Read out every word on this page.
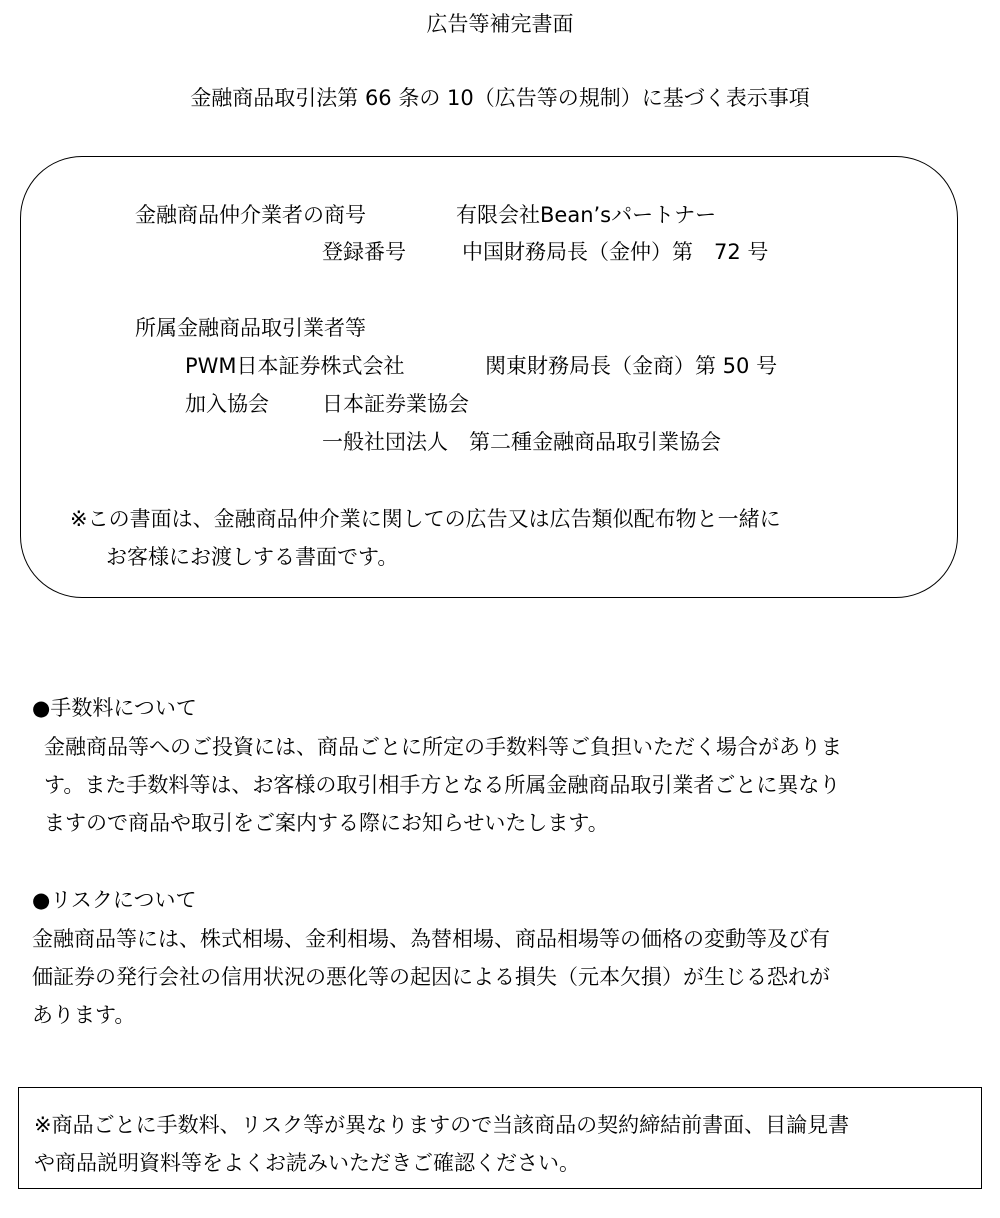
広告等補完書面
金融商品取引法第 66 条の 10（広告等の規制）に基づく表示事項
金融商品仲介業者の商号	有限会社Bean’sパートナー
登録番号	中国財務局長（金仲）第　72 号
所属金融商品取引業者等
PWM日本証券株式会社	関東財務局長（金商）第 50 号
加入協会	日本証券業協会
一般社団法人　第二種金融商品取引業協会
※この書面は、金融商品仲介業に関しての広告又は広告類似配布物と一緒に
お客様にお渡しする書面です。
●手数料について
金融商品等へのご投資には、商品ごとに所定の手数料等ご負担いただく場合がありま
す。また手数料等は、お客様の取引相手方となる所属金融商品取引業者ごとに異なり
ますので商品や取引をご案内する際にお知らせいたします。
●リスクについて
金融商品等には、株式相場、金利相場、為替相場、商品相場等の価格の変動等及び有
価証券の発行会社の信用状況の悪化等の起因による損失（元本欠損）が生じる恐れが
あります。
※商品ごとに手数料、リスク等が異なりますので当該商品の契約締結前書面、目論見書
や商品説明資料等をよくお読みいただきご確認ください。
